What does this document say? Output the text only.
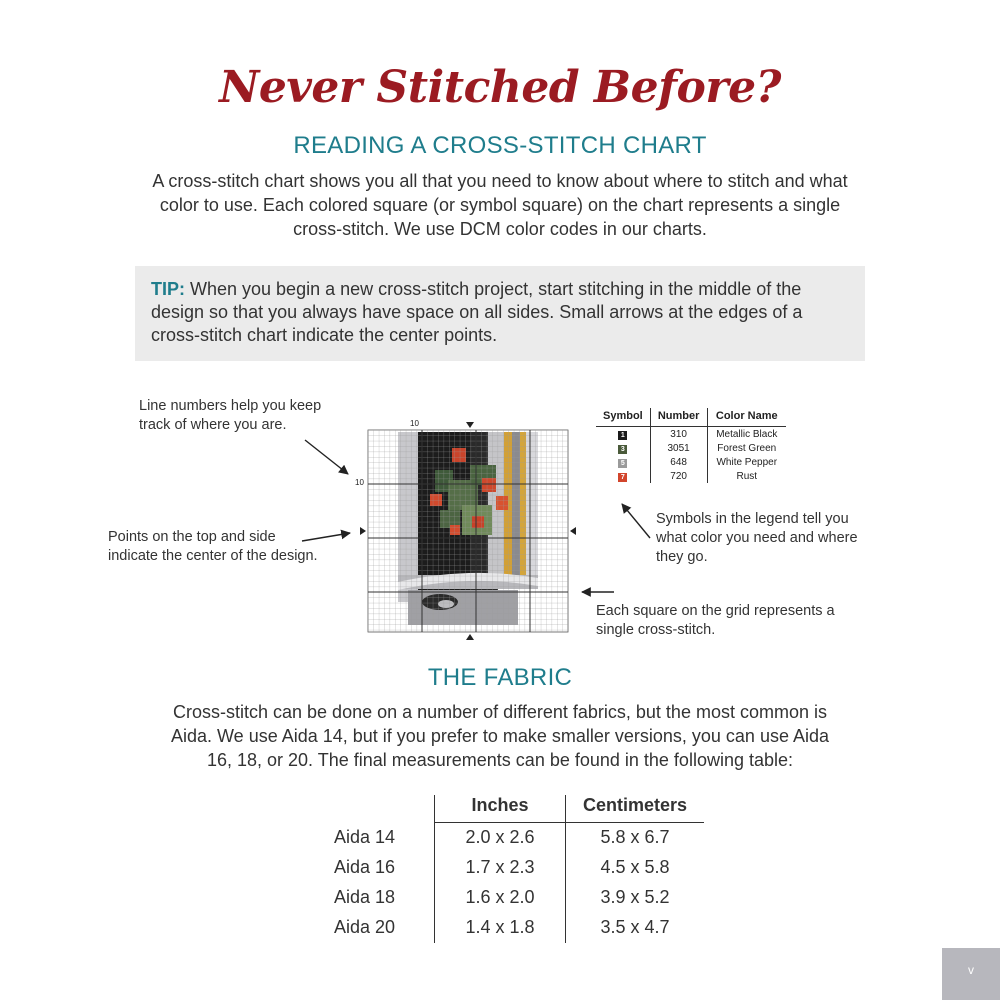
Never Stitched Before?
READING A CROSS-STITCH CHART
A cross-stitch chart shows you all that you need to know about where to stitch and what
color to use. Each colored square (or symbol square) on the chart represents a single
cross-stitch. We use DCM color codes in our charts.
TIP: When you begin a new cross-stitch project, start stitching in the middle of the
design so that you always have space on all sides. Small arrows at the edges of a
cross-stitch chart indicate the center points.
Line numbers help you keep
track of where you are.
Points on the top and side
indicate the center of the design.
Symbols in the legend tell you
what color you need and where
they go.
Each square on the grid represents a
single cross-stitch.
10
10
Symbol	Number	Color Name
1	310	Metallic Black
3	3051	Forest Green
5	648	White Pepper
7	720	Rust
THE FABRIC
Cross-stitch can be done on a number of different fabrics, but the most common is
Aida. We use Aida 14, but if you prefer to make smaller versions, you can use Aida
16, 18, or 20. The final measurements can be found in the following table:
	Inches	Centimeters
Aida 14	2.0 x 2.6	5.8 x 6.7
Aida 16	1.7 x 2.3	4.5 x 5.8
Aida 18	1.6 x 2.0	3.9 x 5.2
Aida 20	1.4 x 1.8	3.5 x 4.7
v
